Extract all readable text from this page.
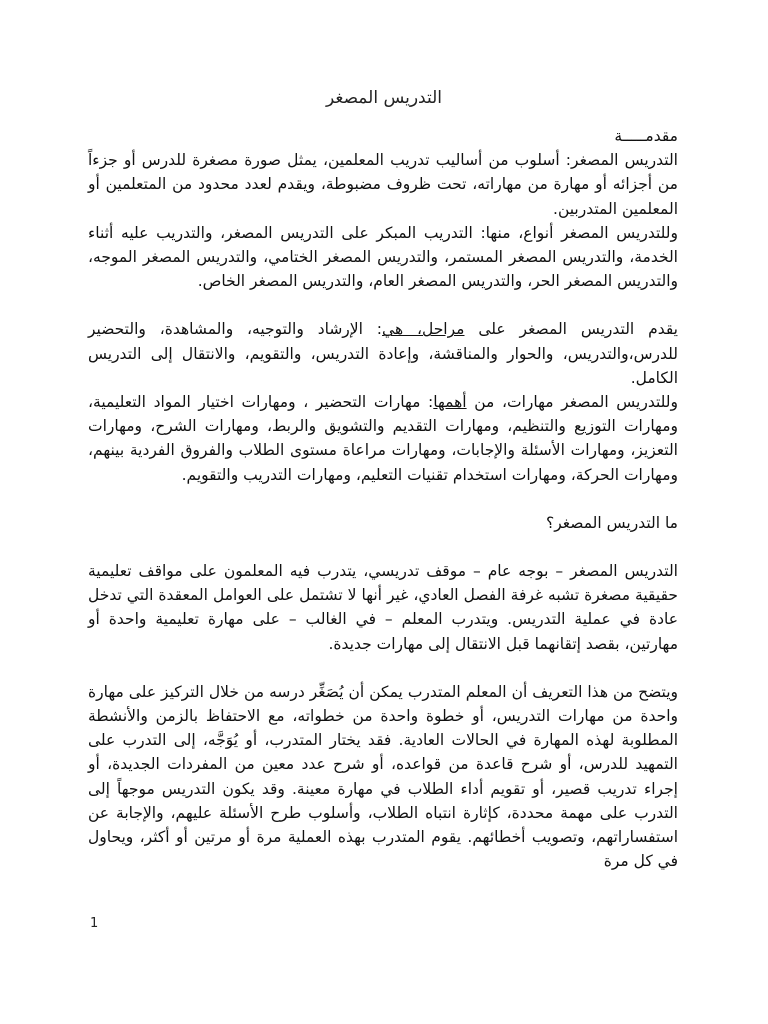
التدريس المصغر

مقدمـــــة

التدريس المصغر: أسلوب من أساليب تدريب المعلمين، يمثل صورة مصغرة للدرس أو جزءاً من أجزائه أو مهارة من مهاراته، تحت ظروف مضبوطة، ويقدم لعدد محدود من المتعلمين أو المعلمين المتدربين.

وللتدريس المصغر أنواع، منها: التدريب المبكر على التدريس المصغر، والتدريب عليه أثناء الخدمة، والتدريس المصغر المستمر، والتدريس المصغر الختامي، والتدريس المصغر الموجه، والتدريس المصغر الحر، والتدريس المصغر العام، والتدريس المصغر الخاص.

يقدم التدريس المصغر على مراحل، هي: الإرشاد والتوجيه، والمشاهدة، والتحضير للدرس،والتدريس، والحوار والمناقشة، وإعادة التدريس، والتقويم، والانتقال إلى التدريس الكامل.

وللتدريس المصغر مهارات، من أهمها: مهارات التحضير ، ومهارات اختيار المواد التعليمية، ومهارات التوزيع والتنظيم، ومهارات التقديم والتشويق والربط، ومهارات الشرح، ومهارات التعزيز، ومهارات الأسئلة والإجابات، ومهارات مراعاة مستوى الطلاب والفروق الفردية بينهم، ومهارات الحركة، ومهارات استخدام تقنيات التعليم، ومهارات التدريب والتقويم.

ما التدريس المصغر؟

التدريس المصغر – بوجه عام – موقف تدريسي، يتدرب فيه المعلمون على مواقف تعليمية حقيقية مصغرة تشبه غرفة الفصل العادي، غير أنها لا تشتمل على العوامل المعقدة التي تدخل عادة في عملية التدريس. ويتدرب المعلم – في الغالب – على مهارة تعليمية واحدة أو مهارتين، بقصد إتقانهما قبل الانتقال إلى مهارات جديدة.

ويتضح من هذا التعريف أن المعلم المتدرب يمكن أن يُصَغِّر درسه من خلال التركيز على مهارة واحدة من مهارات التدريس، أو خطوة واحدة من خطواته، مع الاحتفاظ بالزمن والأنشطة المطلوبة لهذه المهارة في الحالات العادية. فقد يختار المتدرب، أو يُوَجَّه، إلى التدرب على التمهيد للدرس، أو شرح قاعدة من قواعده، أو شرح عدد معين من المفردات الجديدة، أو إجراء تدريب قصير، أو تقويم أداء الطلاب في مهارة معينة. وقد يكون التدريس موجهاً إلى التدرب على مهمة محددة، كإثارة انتباه الطلاب، وأسلوب طرح الأسئلة عليهم، والإجابة عن استفساراتهم، وتصويب أخطائهم. يقوم المتدرب بهذه العملية مرة أو مرتين أو أكثر، ويحاول في كل مرة

1
